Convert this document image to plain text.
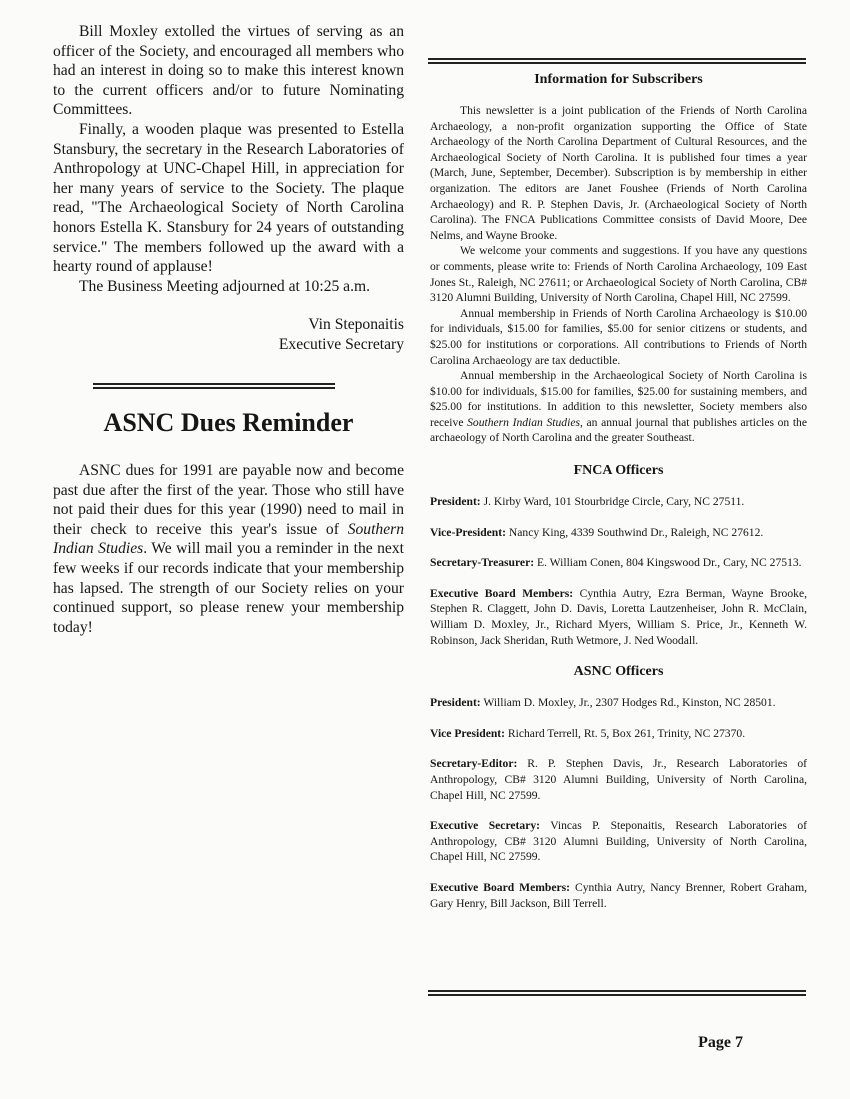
Bill Moxley extolled the virtues of serving as an officer of the Society, and encouraged all members who had an interest in doing so to make this interest known to the current officers and/or to future Nominating Committees.

Finally, a wooden plaque was presented to Estella Stansbury, the secretary in the Research Laboratories of Anthropology at UNC-Chapel Hill, in appreciation for her many years of service to the Society. The plaque read, "The Archaeological Society of North Carolina honors Estella K. Stansbury for 24 years of outstanding service." The members followed up the award with a hearty round of applause!

The Business Meeting adjourned at 10:25 a.m.

Vin Steponaitis
Executive Secretary
ASNC Dues Reminder

ASNC dues for 1991 are payable now and become past due after the first of the year. Those who still have not paid their dues for this year (1990) need to mail in their check to receive this year's issue of Southern Indian Studies. We will mail you a reminder in the next few weeks if our records indicate that your membership has lapsed. The strength of our Society relies on your continued support, so please renew your membership today!

Information for Subscribers

This newsletter is a joint publication of the Friends of North Carolina Archaeology, a non-profit organization supporting the Office of State Archaeology of the North Carolina Department of Cultural Resources, and the Archaeological Society of North Carolina. It is published four times a year (March, June, September, December). Subscription is by membership in either organization. The editors are Janet Foushee (Friends of North Carolina Archaeology) and R. P. Stephen Davis, Jr. (Archaeological Society of North Carolina). The FNCA Publications Committee consists of David Moore, Dee Nelms, and Wayne Brooke.

We welcome your comments and suggestions. If you have any questions or comments, please write to: Friends of North Carolina Archaeology, 109 East Jones St., Raleigh, NC 27611; or Archaeological Society of North Carolina, CB# 3120 Alumni Building, University of North Carolina, Chapel Hill, NC 27599.

Annual membership in Friends of North Carolina Archaeology is $10.00 for individuals, $15.00 for families, $5.00 for senior citizens or students, and $25.00 for institutions or corporations. All contributions to Friends of North Carolina Archaeology are tax deductible.

Annual membership in the Archaeological Society of North Carolina is $10.00 for individuals, $15.00 for families, $25.00 for sustaining members, and $25.00 for institutions. In addition to this newsletter, Society members also receive Southern Indian Studies, an annual journal that publishes articles on the archaeology of North Carolina and the greater Southeast.

FNCA Officers

President: J. Kirby Ward, 101 Stourbridge Circle, Cary, NC 27511.

Vice-President: Nancy King, 4339 Southwind Dr., Raleigh, NC 27612.

Secretary-Treasurer: E. William Conen, 804 Kingswood Dr., Cary, NC 27513.

Executive Board Members: Cynthia Autry, Ezra Berman, Wayne Brooke, Stephen R. Claggett, John D. Davis, Loretta Lautzenheiser, John R. McClain, William D. Moxley, Jr., Richard Myers, William S. Price, Jr., Kenneth W. Robinson, Jack Sheridan, Ruth Wetmore, J. Ned Woodall.

ASNC Officers

President: William D. Moxley, Jr., 2307 Hodges Rd., Kinston, NC 28501.

Vice President: Richard Terrell, Rt. 5, Box 261, Trinity, NC 27370.

Secretary-Editor: R. P. Stephen Davis, Jr., Research Laboratories of Anthropology, CB# 3120 Alumni Building, University of North Carolina, Chapel Hill, NC 27599.

Executive Secretary: Vincas P. Steponaitis, Research Laboratories of Anthropology, CB# 3120 Alumni Building, University of North Carolina, Chapel Hill, NC 27599.

Executive Board Members: Cynthia Autry, Nancy Brenner, Robert Graham, Gary Henry, Bill Jackson, Bill Terrell.

Page 7
